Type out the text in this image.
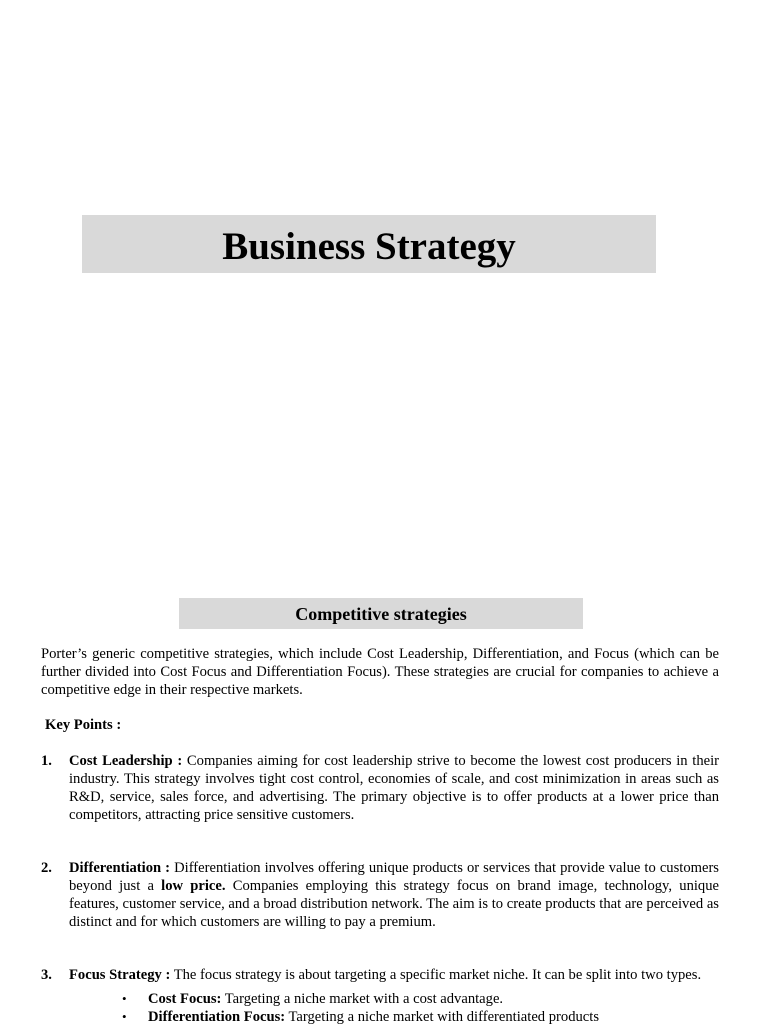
Business Strategy
Competitive strategies

Porter’s generic competitive strategies, which include Cost Leadership, Differentiation, and Focus (which can be further divided into Cost Focus and Differentiation Focus). These strategies are crucial for companies to achieve a competitive edge in their respective markets.

Key Points :

1. Cost Leadership : Companies aiming for cost leadership strive to become the lowest cost producers in their industry. This strategy involves tight cost control, economies of scale, and cost minimization in areas such as R&D, service, sales force, and advertising. The primary objective is to offer products at a lower price than competitors, attracting price sensitive customers.
2. Differentiation : Differentiation involves offering unique products or services that provide value to customers beyond just a low price. Companies employing this strategy focus on brand image, technology, unique features, customer service, and a broad distribution network. The aim is to create products that are perceived as distinct and for which customers are willing to pay a premium.
3. Focus Strategy : The focus strategy is about targeting a specific market niche. It can be split into two types.
• Cost Focus: Targeting a niche market with a cost advantage.
• Differentiation Focus: Targeting a niche market with differentiated products
